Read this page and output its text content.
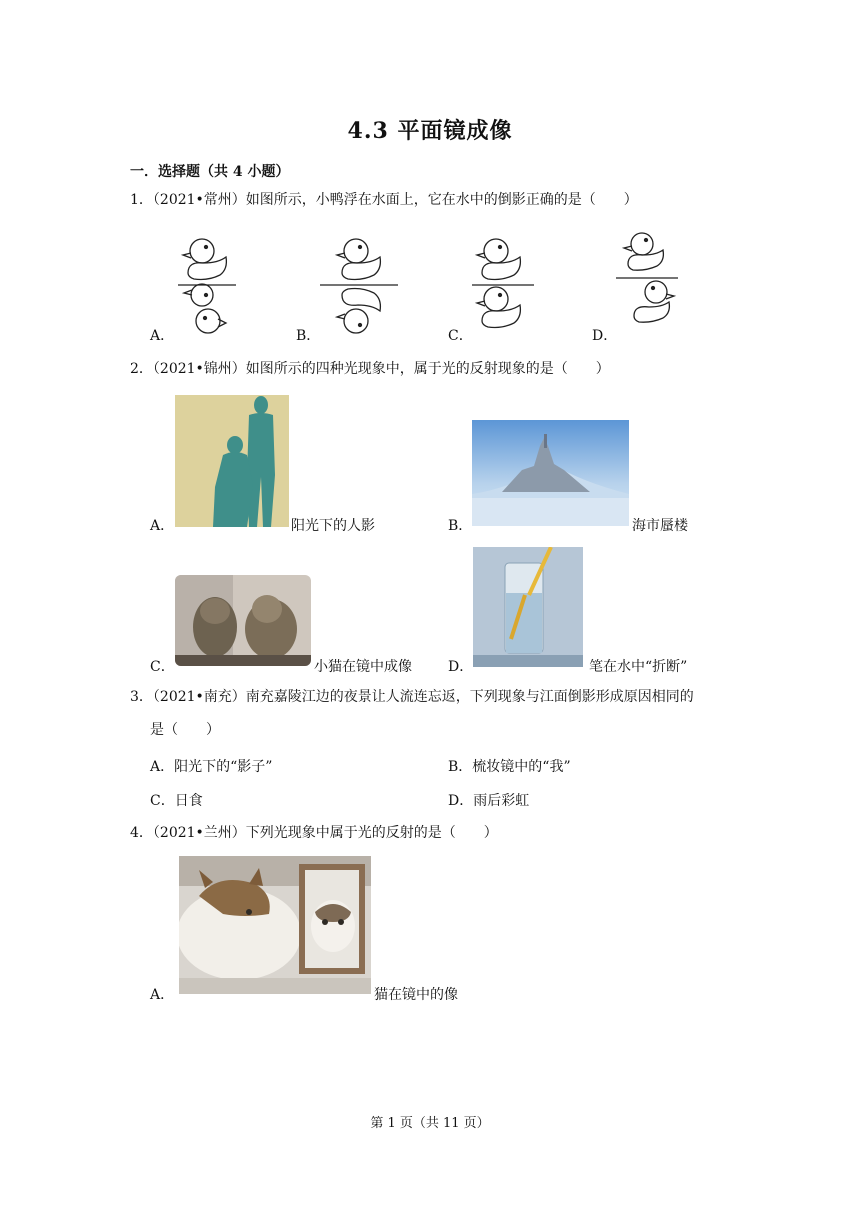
4.3 平面镜成像
一．选择题（共 4 小题）
1．（2021•常州）如图所示，小鸭浮在水面上，它在水中的倒影正确的是（　　）
A．	B．	C．	D．
2．（2021•锦州）如图所示的四种光现象中，属于光的反射现象的是（　　）
阳光下的人影
A．	B．	海市蜃楼
C．	小猫在镜中成像	D．	笔在水中“折断”
3．（2021•南充）南充嘉陵江边的夜景让人流连忘返，下列现象与江面倒影形成原因相同的
是（　　）
A．阳光下的“影子”	B．梳妆镜中的“我”
C．日食	D．雨后彩虹
4．（2021•兰州）下列光现象中属于光的反射的是（　　）
A．	猫在镜中的像
第 1 页（共 11 页）
